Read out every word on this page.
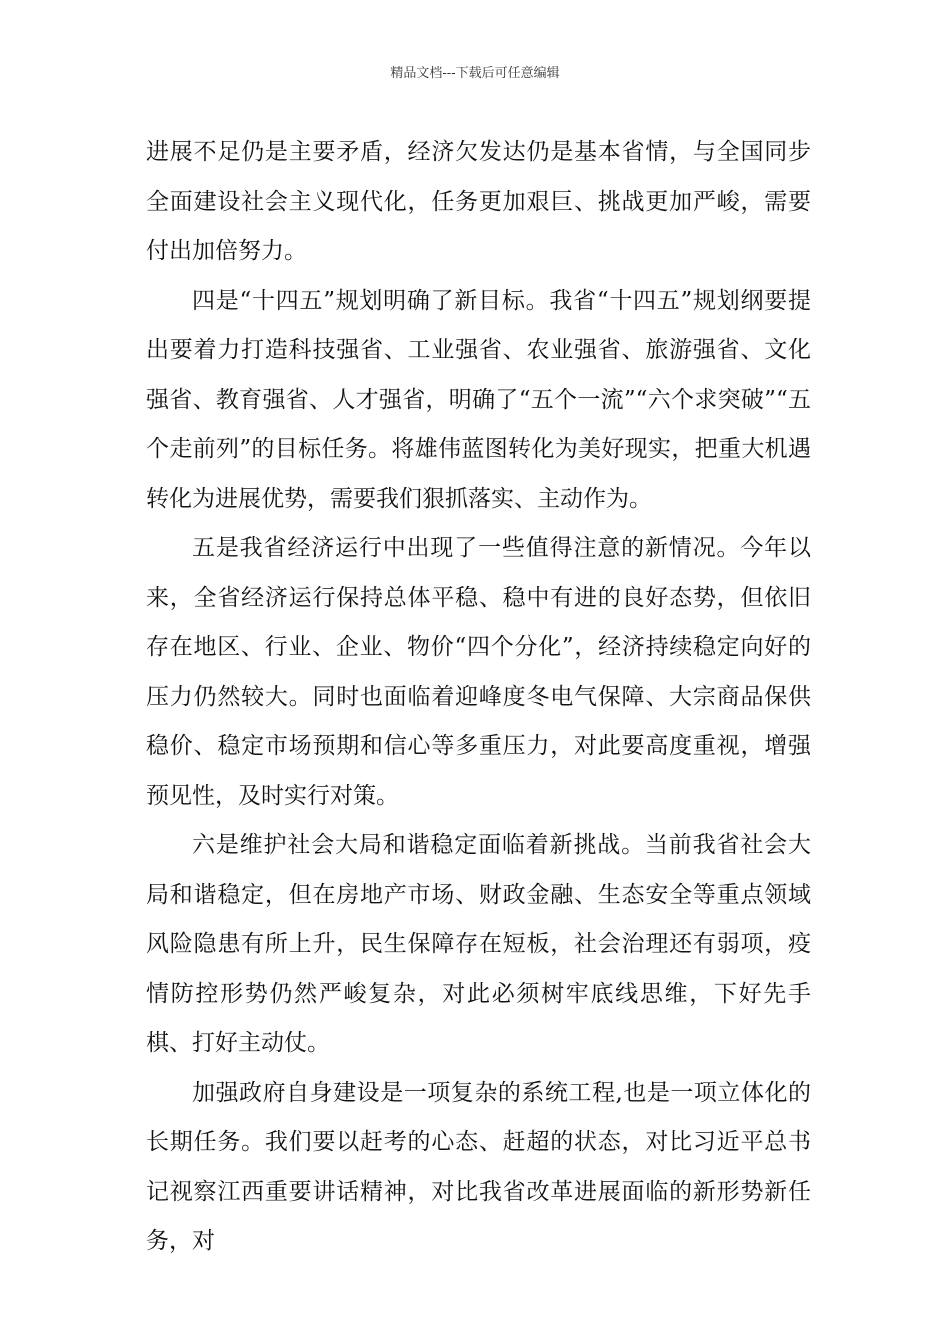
精品文档---下载后可任意编辑

进展不足仍是主要矛盾，经济欠发达仍是基本省情，与全国同步全面建设社会主义现代化，任务更加艰巨、挑战更加严峻，需要付出加倍努力。

四是“十四五”规划明确了新目标。我省“十四五”规划纲要提出要着力打造科技强省、工业强省、农业强省、旅游强省、文化强省、教育强省、人才强省，明确了“五个一流”“六个求突破”“五个走前列”的目标任务。将雄伟蓝图转化为美好现实，把重大机遇转化为进展优势，需要我们狠抓落实、主动作为。

五是我省经济运行中出现了一些值得注意的新情况。今年以来，全省经济运行保持总体平稳、稳中有进的良好态势，但依旧存在地区、行业、企业、物价“四个分化”，经济持续稳定向好的压力仍然较大。同时也面临着迎峰度冬电气保障、大宗商品保供稳价、稳定市场预期和信心等多重压力，对此要高度重视，增强预见性，及时实行对策。

六是维护社会大局和谐稳定面临着新挑战。当前我省社会大局和谐稳定，但在房地产市场、财政金融、生态安全等重点领域风险隐患有所上升，民生保障存在短板，社会治理还有弱项，疫情防控形势仍然严峻复杂，对此必须树牢底线思维，下好先手棋、打好主动仗。

加强政府自身建设是一项复杂的系统工程,也是一项立体化的长期任务。我们要以赶考的心态、赶超的状态，对比习近平总书记视察江西重要讲话精神，对比我省改革进展面临的新形势新任务，对
